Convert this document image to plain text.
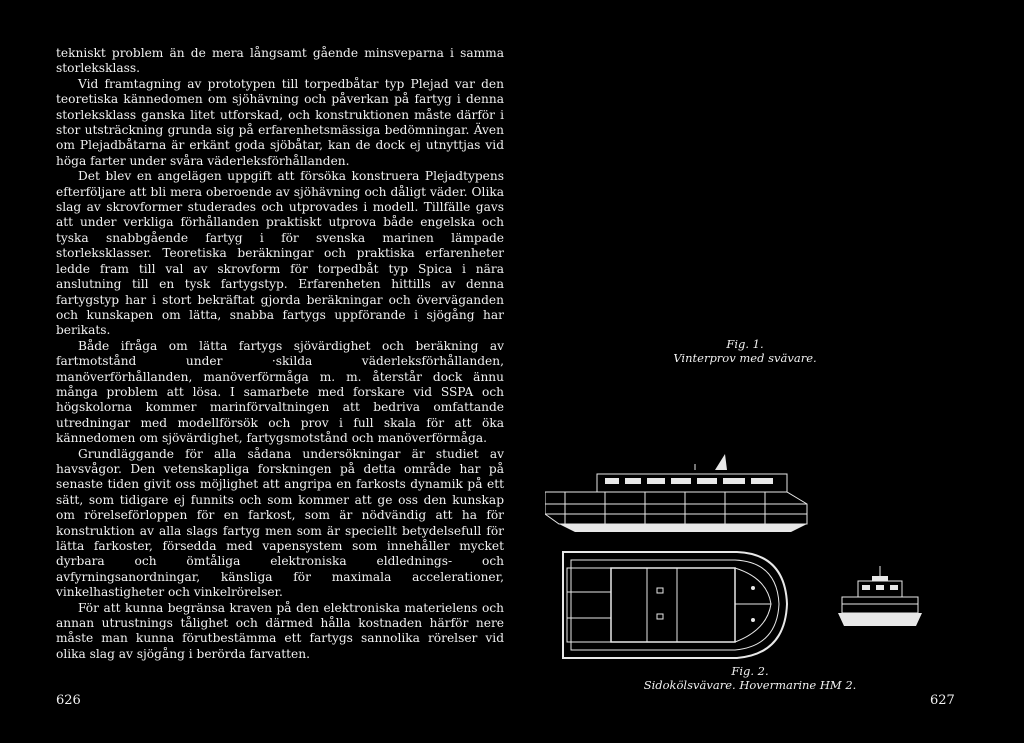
tekniskt problem än de mera långsamt gående minsveparna i samma storleksklass.

Vid framtagning av prototypen till torpedbåtar typ Plejad var den teoretiska kännedomen om sjöhävning och påverkan på fartyg i denna storleksklass ganska litet utforskad, och konstruktionen måste därför i stor utsträckning grunda sig på erfarenhetsmässiga bedömningar. Även om Plejadbåtarna är erkänt goda sjöbåtar, kan de dock ej utnyttjas vid höga farter under svåra väderleksförhållanden.

Det blev en angelägen uppgift att försöka konstruera Plejadtypens efterföljare att bli mera oberoende av sjöhävning och dåligt väder. Olika slag av skrovformer studerades och utprovades i modell. Tillfälle gavs att under verkliga förhållanden praktiskt utprova både engelska och tyska snabbgående fartyg i för svenska marinen lämpade storleksklasser. Teoretiska beräkningar och praktiska erfarenheter ledde fram till val av skrovform för torpedbåt typ Spica i nära anslutning till en tysk fartygstyp. Erfarenheten hittills av denna fartygstyp har i stort bekräftat gjorda beräkningar och överväganden och kunskapen om lätta, snabba fartygs uppförande i sjögång har berikats.

Både ifråga om lätta fartygs sjövärdighet och beräkning av fartmotstånd under ·skilda väderleksförhållanden, manöverförhållanden, manöverförmåga m. m. återstår dock ännu många problem att lösa. I samarbete med forskare vid SSPA och högskolorna kommer marinförvaltningen att bedriva omfattande utredningar med modellförsök och prov i full skala för att öka kännedomen om sjövärdighet, fartygsmotstånd och manöverförmåga.

Grundläggande för alla sådana undersökningar är studiet av havsvågor. Den vetenskapliga forskningen på detta område har på senaste tiden givit oss möjlighet att angripa en farkosts dynamik på ett sätt, som tidigare ej funnits och som kommer att ge oss den kunskap om rörelseförloppen för en farkost, som är nödvändig att ha för konstruktion av alla slags fartyg men som är speciellt betydelsefull för lätta farkoster, försedda med vapensystem som innehåller mycket dyrbara och ömtåliga elektroniska eldlednings- och avfyrningsanordningar, känsliga för maximala accelerationer, vinkelhastigheter och vinkelrörelser.

För att kunna begränsa kraven på den elektroniska materielens och annan utrustnings tålighet och därmed hålla kostnaden härför nere måste man kunna förutbestämma ett fartygs sannolika rörelser vid olika slag av sjögång i berörda farvatten.

626
Fig. 1.
Vinterprov med svävare.
Fig. 2.
Sidokölsvävare. Hovermarine HM 2.
627
